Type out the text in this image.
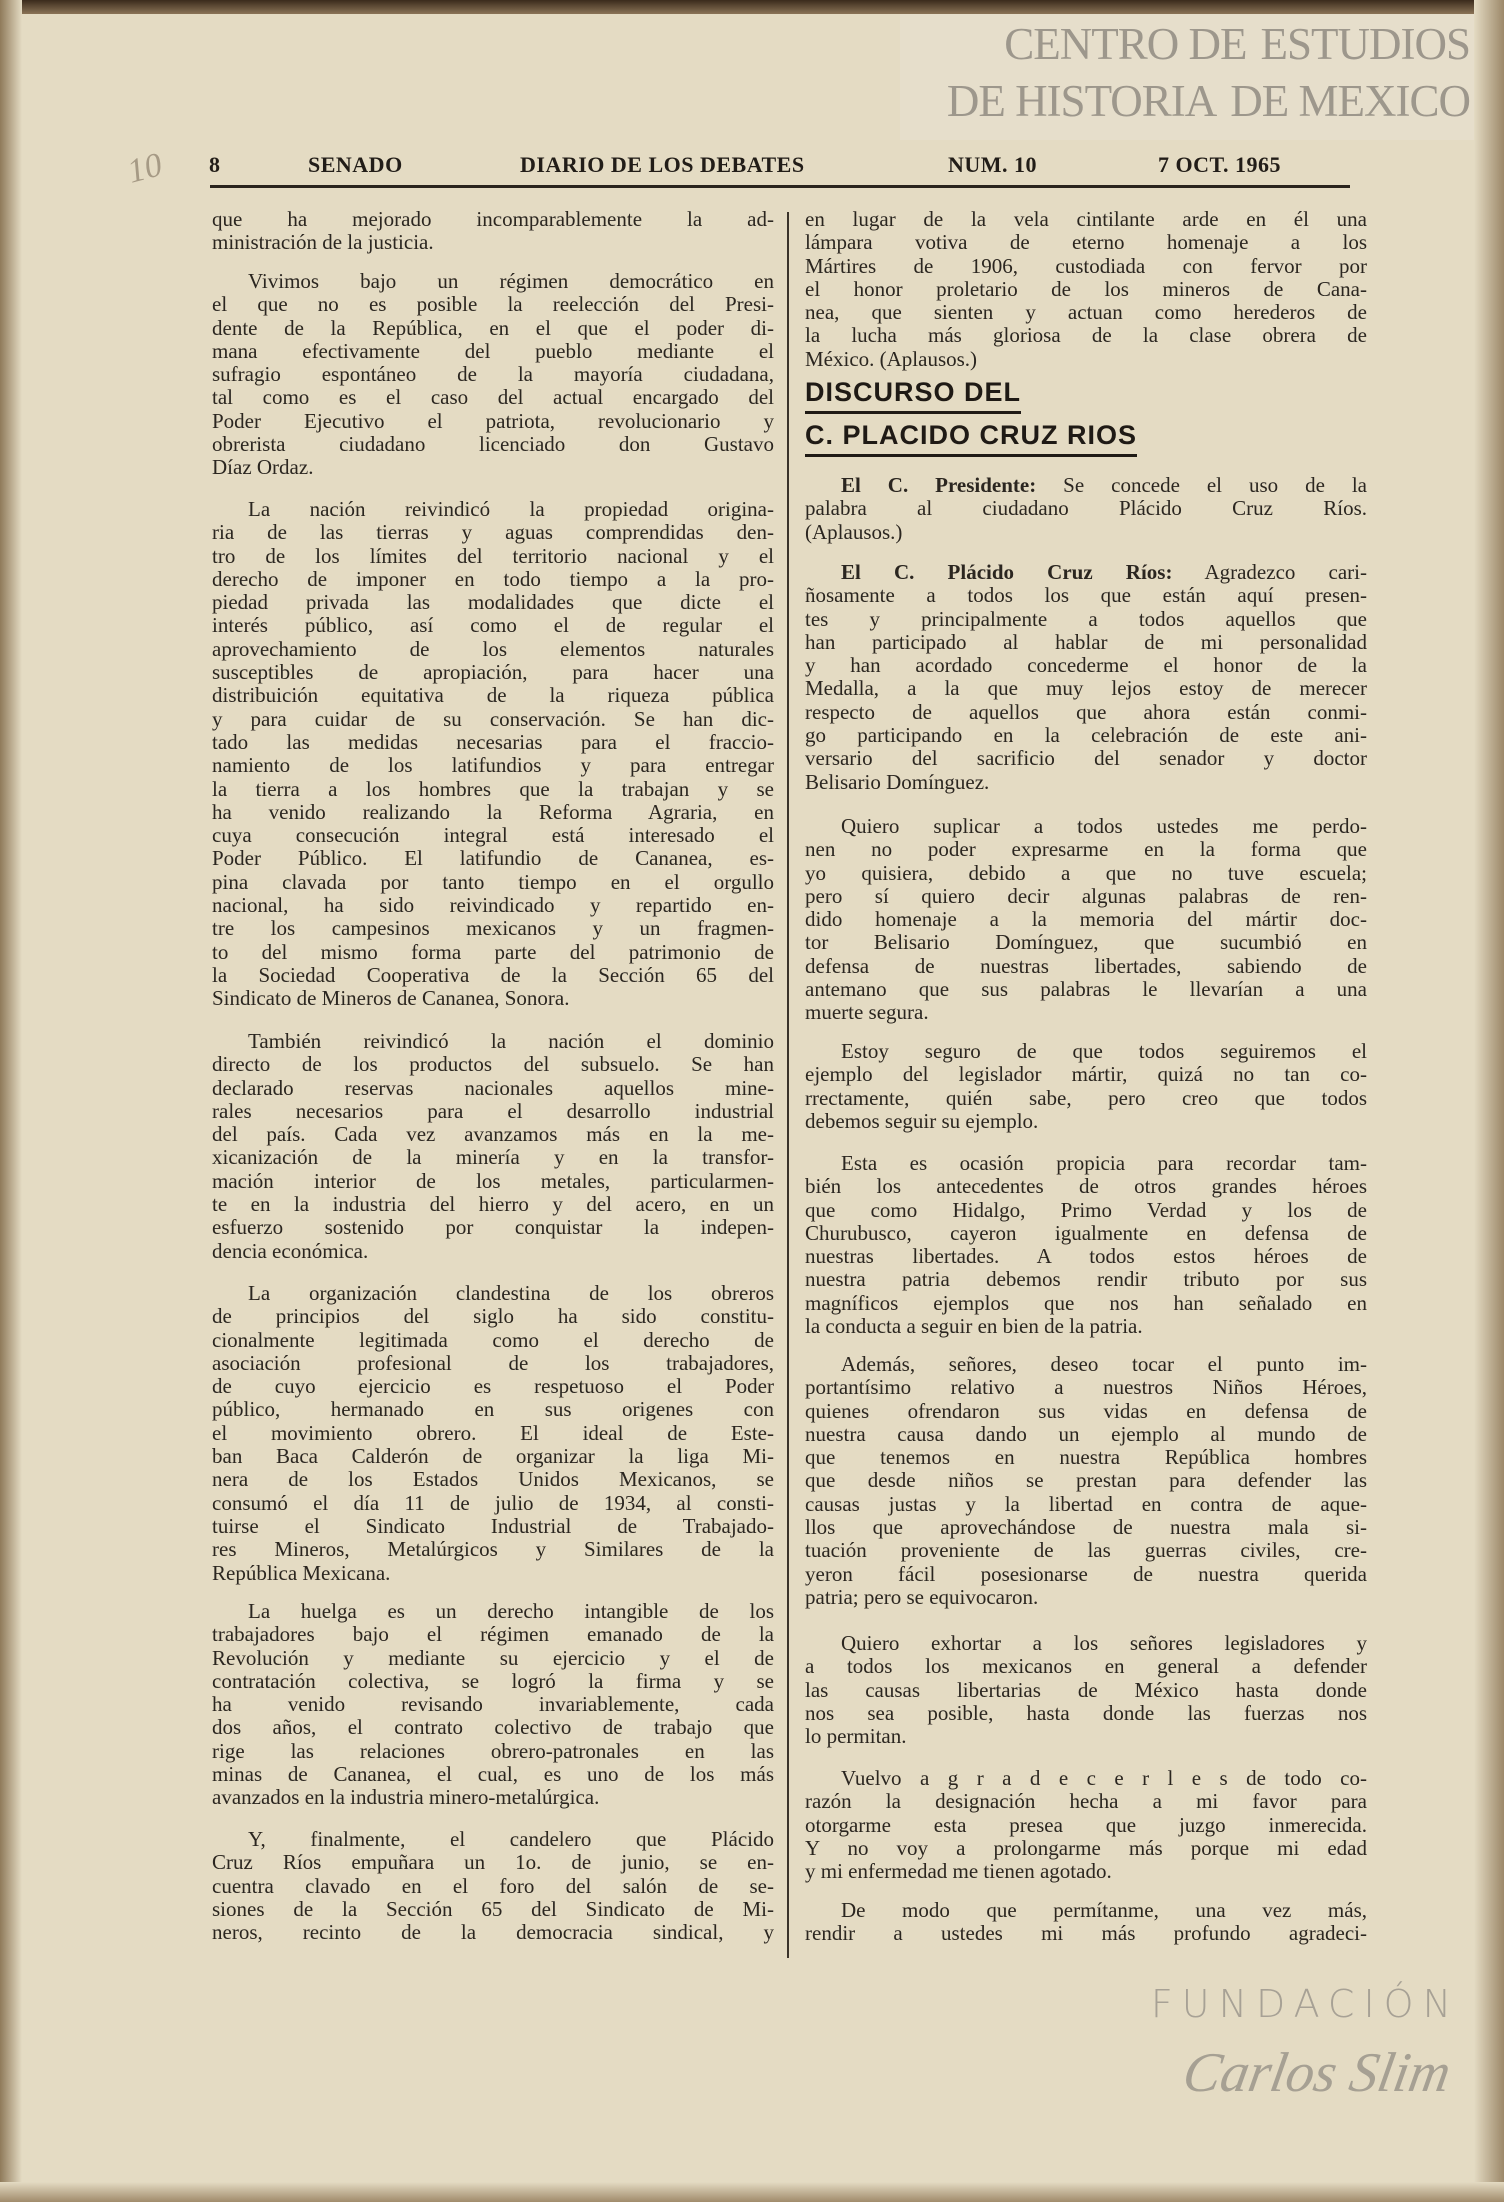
CENTRO DE ESTUDIOS
DE HISTORIA DE MEXICO
FUNDACIÓN
Carlos Slim
10 8	SENADO	DIARIO DE LOS DEBATES	NUM. 10	7 OCT. 1965
que ha mejorado incomparablemente la ad-
ministración de la justicia.
Vivimos bajo un régimen democrático en
el que no es posible la reelección del Presi-
dente de la República, en el que el poder di-
mana efectivamente del pueblo mediante el
sufragio espontáneo de la mayoría ciudadana,
tal como es el caso del actual encargado del
Poder Ejecutivo el patriota, revolucionario y
obrerista ciudadano licenciado don Gustavo
Díaz Ordaz.
La nación reivindicó la propiedad origina-
ria de las tierras y aguas comprendidas den-
tro de los límites del territorio nacional y el
derecho de imponer en todo tiempo a la pro-
piedad privada las modalidades que dicte el
interés público, así como el de regular el
aprovechamiento de los elementos naturales
susceptibles de apropiación, para hacer una
distribuición equitativa de la riqueza pública
y para cuidar de su conservación. Se han dic-
tado las medidas necesarias para el fraccio-
namiento de los latifundios y para entregar
la tierra a los hombres que la trabajan y se
ha venido realizando la Reforma Agraria, en
cuya consecución integral está interesado el
Poder Público. El latifundio de Cananea, es-
pina clavada por tanto tiempo en el orgullo
nacional, ha sido reivindicado y repartido en-
tre los campesinos mexicanos y un fragmen-
to del mismo forma parte del patrimonio de
la Sociedad Cooperativa de la Sección 65 del
Sindicato de Mineros de Cananea, Sonora.
También reivindicó la nación el dominio
directo de los productos del subsuelo. Se han
declarado reservas nacionales aquellos mine-
rales necesarios para el desarrollo industrial
del país. Cada vez avanzamos más en la me-
xicanización de la minería y en la transfor-
mación interior de los metales, particularmen-
te en la industria del hierro y del acero, en un
esfuerzo sostenido por conquistar la indepen-
dencia económica.
La organización clandestina de los obreros
de principios del siglo ha sido constitu-
cionalmente legitimada como el derecho de
asociación profesional de los trabajadores,
de cuyo ejercicio es respetuoso el Poder
público, hermanado en sus origenes con
el movimiento obrero. El ideal de Este-
ban Baca Calderón de organizar la liga Mi-
nera de los Estados Unidos Mexicanos, se
consumó el día 11 de julio de 1934, al consti-
tuirse el Sindicato Industrial de Trabajado-
res Mineros, Metalúrgicos y Similares de la
República Mexicana.
La huelga es un derecho intangible de los
trabajadores bajo el régimen emanado de la
Revolución y mediante su ejercicio y el de
contratación colectiva, se logró la firma y se
ha venido revisando invariablemente, cada
dos años, el contrato colectivo de trabajo que
rige las relaciones obrero-patronales en las
minas de Cananea, el cual, es uno de los más
avanzados en la industria minero-metalúrgica.
Y, finalmente, el candelero que Plácido
Cruz Ríos empuñara un 1o. de junio, se en-
cuentra clavado en el foro del salón de se-
siones de la Sección 65 del Sindicato de Mi-
neros, recinto de la democracia sindical, y
DISCURSO DEL
C. PLACIDO CRUZ RIOS
en lugar de la vela cintilante arde en él una
lámpara votiva de eterno homenaje a los
Mártires de 1906, custodiada con fervor por
el honor proletario de los mineros de Cana-
nea, que sienten y actuan como herederos de
la lucha más gloriosa de la clase obrera de
México. (Aplausos.)
El C. Presidente: Se concede el uso de la
palabra al ciudadano Plácido Cruz Ríos.
(Aplausos.)
El C. Plácido Cruz Ríos: Agradezco cari-
ñosamente a todos los que están aquí presen-
tes y principalmente a todos aquellos que
han participado al hablar de mi personalidad
y han acordado concederme el honor de la
Medalla, a la que muy lejos estoy de merecer
respecto de aquellos que ahora están conmi-
go participando en la celebración de este ani-
versario del sacrificio del senador y doctor
Belisario Domínguez.
Quiero suplicar a todos ustedes me perdo-
nen no poder expresarme en la forma que
yo quisiera, debido a que no tuve escuela;
pero sí quiero decir algunas palabras de ren-
dido homenaje a la memoria del mártir doc-
tor Belisario Domínguez, que sucumbió en
defensa de nuestras libertades, sabiendo de
antemano que sus palabras le llevarían a una
muerte segura.
Estoy seguro de que todos seguiremos el
ejemplo del legislador mártir, quizá no tan co-
rrectamente, quién sabe, pero creo que todos
debemos seguir su ejemplo.
Esta es ocasión propicia para recordar tam-
bién los antecedentes de otros grandes héroes
que como Hidalgo, Primo Verdad y los de
Churubusco, cayeron igualmente en defensa de
nuestras libertades. A todos estos héroes de
nuestra patria debemos rendir tributo por sus
magníficos ejemplos que nos han señalado en
la conducta a seguir en bien de la patria.
Además, señores, deseo tocar el punto im-
portantísimo relativo a nuestros Niños Héroes,
quienes ofrendaron sus vidas en defensa de
nuestra causa dando un ejemplo al mundo de
que tenemos en nuestra República hombres
que desde niños se prestan para defender las
causas justas y la libertad en contra de aque-
llos que aprovechándose de nuestra mala si-
tuación proveniente de las guerras civiles, cre-
yeron fácil posesionarse de nuestra querida
patria; pero se equivocaron.
Quiero exhortar a los señores legisladores y
a todos los mexicanos en general a defender
las causas libertarias de México hasta donde
nos sea posible, hasta donde las fuerzas nos
lo permitan.
Vuelvo a g r a d e c e r l e s de todo co-
razón la designación hecha a mi favor para
otorgarme esta presea que juzgo inmerecida.
Y no voy a prolongarme más porque mi edad
y mi enfermedad me tienen agotado.
De modo que permítanme, una vez más,
rendir a ustedes mi más profundo agradeci-
